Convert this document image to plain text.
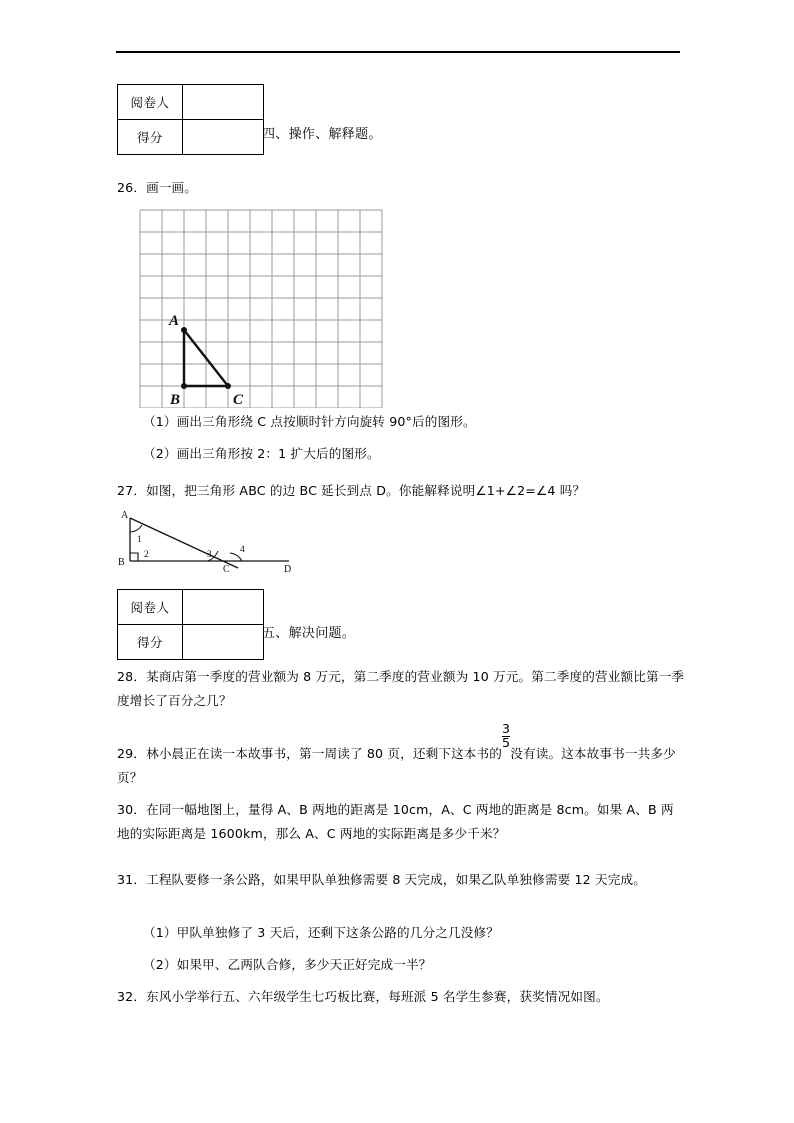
阅卷人	
得分		四、操作、解释题。
26．画一画。
A
B	C
（1）画出三角形绕 C 点按顺时针方向旋转 90°后的图形。
（2）画出三角形按 2：1 扩大后的图形。
27．如图，把三角形 ABC 的边 BC 延长到点 D。你能解释说明∠1+∠2=∠4 吗？
1
2	3	4
A
B
C	D
阅卷人	
得分	
五、解决问题。
28．某商店第一季度的营业额为 8 万元，第二季度的营业额为 10 万元。第二季度的营业额比第一季度增长了百分之几？
29．林小晨正在读一本故事书，第一周读了 80 页，还剩下这本书的 $\frac{3}{5}$ 没有读。这本故事书一共多少页？
30．在同一幅地图上，量得 A、B 两地的距离是 10cm，A、C 两地的距离是 8cm。如果 A、B 两地的实际距离是 1600km，那么 A、C 两地的实际距离是多少千米？
31．工程队要修一条公路，如果甲队单独修需要 8 天完成，如果乙队单独修需要 12 天完成。
（1）甲队单独修了 3 天后，还剩下这条公路的几分之几没修？
（2）如果甲、乙两队合修，多少天正好完成一半？
32．东风小学举行五、六年级学生七巧板比赛，每班派 5 名学生参赛，获奖情况如图。
